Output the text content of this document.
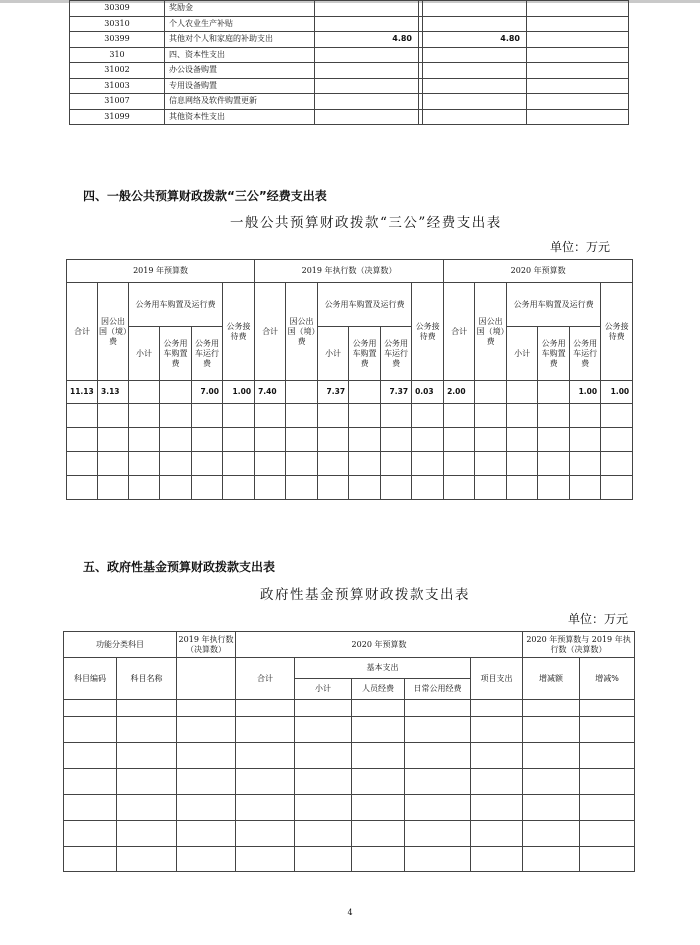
30309	奖励金				
30310	个人农业生产补贴				
30399	其他对个人和家庭的补助支出	4.80		4.80	
310	四、资本性支出				
31002	办公设备购置				
31003	专用设备购置				
31007	信息网络及软件购置更新				
31099	其他资本性支出				
四、一般公共预算财政拨款“三公”经费支出表
一般公共预算财政拨款“三公”经费支出表
单位：万元
2019 年预算数						2019 年执行数（决算数）						2020 年预算数					
合计	因公出国（境）费	公务用车购置及运行费			公务接待费	合计	因公出国（境）费	公务用车购置及运行费			公务接待费	合计	因公出国（境）费	公务用车购置及运行费			公务接待费
		小计	公务用车购置费	公务用车运行费				小计	公务用车购置费	公务用车运行费				小计	公务用车购置费	公务用车运行费	
11.13	3.13			7.00	1.00	7.40		7.37		7.37	0.03	2.00				1.00	1.00

五、政府性基金预算财政拨款支出表
政府性基金预算财政拨款支出表
单位：万元
功能分类科目		2019 年执行数（决算数）	2020 年预算数					2020 年预算数与 2019 年执行数（决算数）	

科目编码	科目名称		合计	基本支出			项目支出	增减额	增减%
				小计	人员经费	日常公用经费			

4
